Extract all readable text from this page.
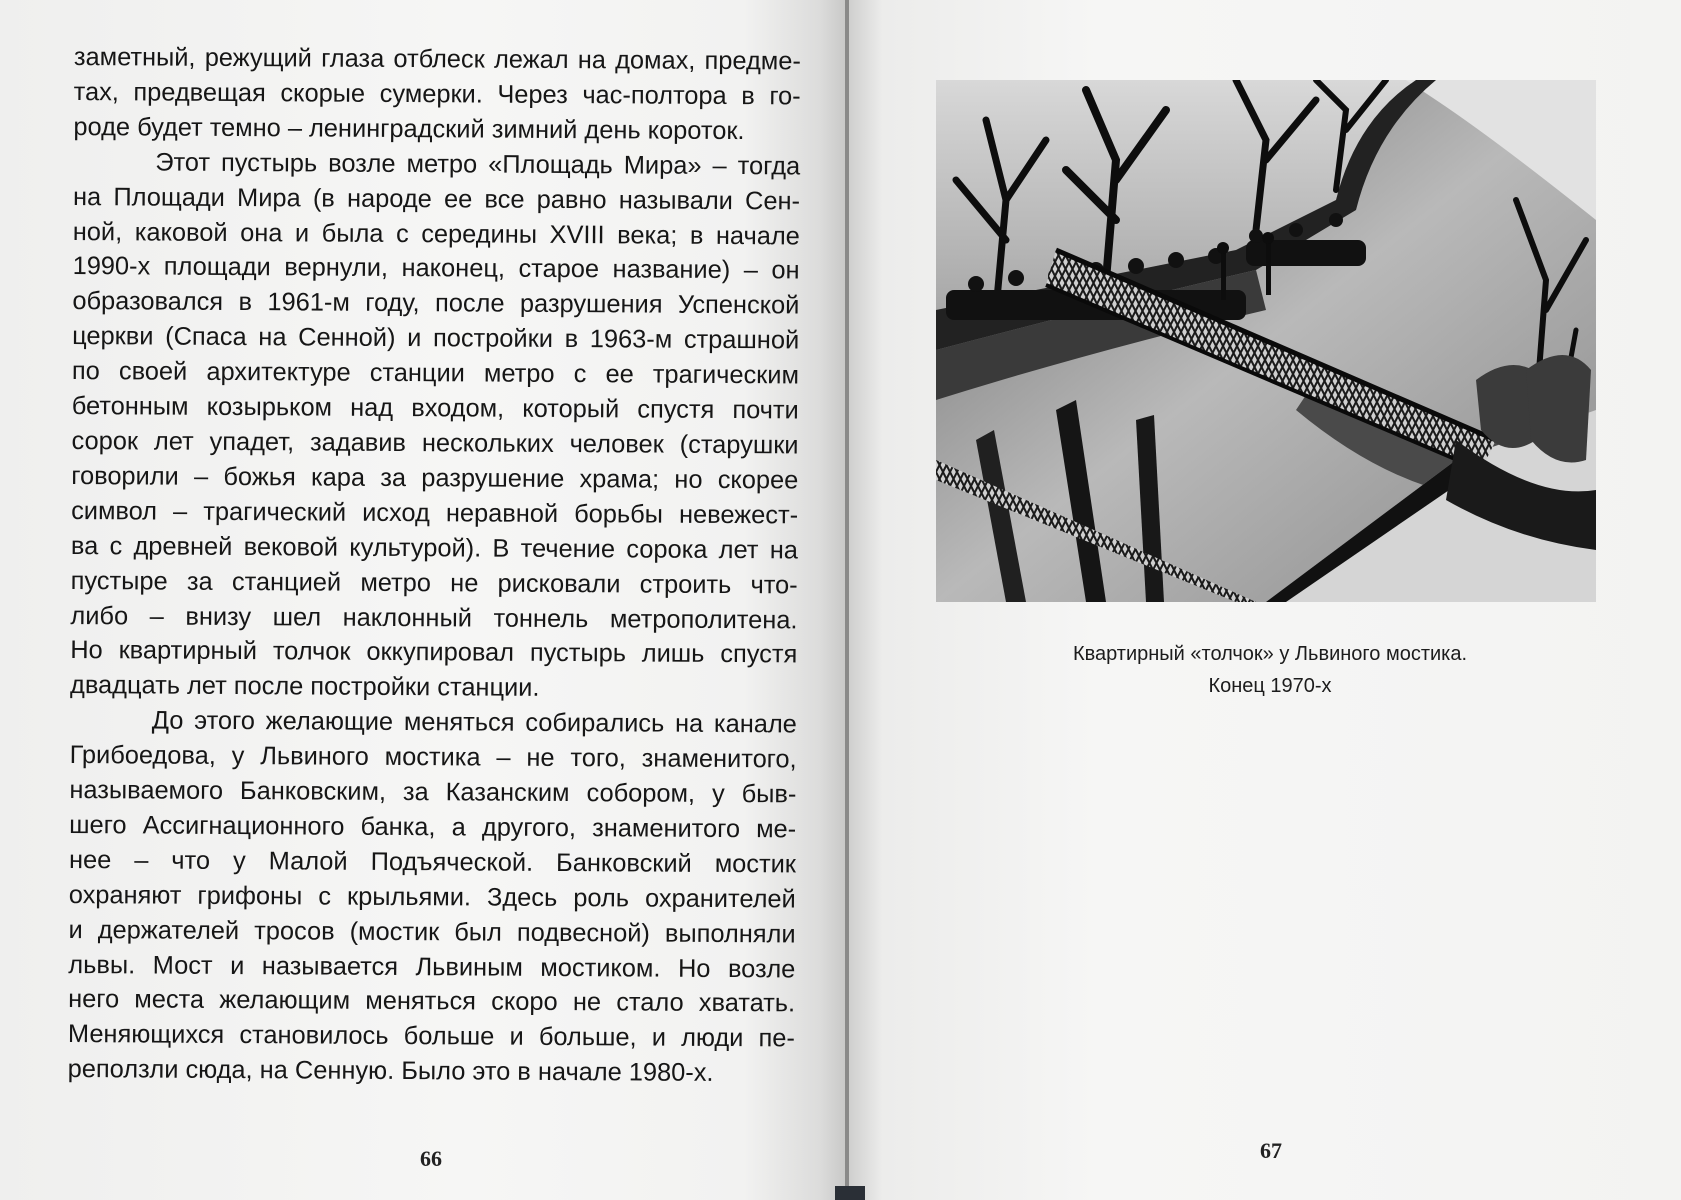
заметный, режущий глаза отблеск лежал на домах, предме-
тах, предвещая скорые сумерки. Через час-полтора в го-
роде будет темно – ленинградский зимний день короток.
Этот пустырь возле метро «Площадь Мира» – тогда
на Площади Мира (в народе ее все равно называли Сен-
ной, каковой она и была с середины XVIII века; в начале
1990-х площади вернули, наконец, старое название) – он
образовался в 1961-м году, после разрушения Успенской
церкви (Спаса на Сенной) и постройки в 1963-м страшной
по своей архитектуре станции метро с ее трагическим
бетонным козырьком над входом, который спустя почти
сорок лет упадет, задавив нескольких человек (старушки
говорили – божья кара за разрушение храма; но скорее
символ – трагический исход неравной борьбы невежест-
ва с древней вековой культурой). В течение сорока лет на
пустыре за станцией метро не рисковали строить что-
либо – внизу шел наклонный тоннель метрополитена.
Но квартирный толчок оккупировал пустырь лишь спустя
двадцать лет после постройки станции.
До этого желающие меняться собирались на канале
Грибоедова, у Львиного мостика – не того, знаменитого,
называемого Банковским, за Казанским собором, у быв-
шего Ассигнационного банка, а другого, знаменитого ме-
нее – что у Малой Подъяческой. Банковский мостик
охраняют грифоны с крыльями. Здесь роль охранителей
и держателей тросов (мостик был подвесной) выполняли
львы. Мост и называется Львиным мостиком. Но возле
него места желающим меняться скоро не стало хватать.
Меняющихся становилось больше и больше, и люди пе-
реползли сюда, на Сенную. Было это в начале 1980-х.
66	67
Квартирный «толчок» у Львиного мостика.
Конец 1970-х
